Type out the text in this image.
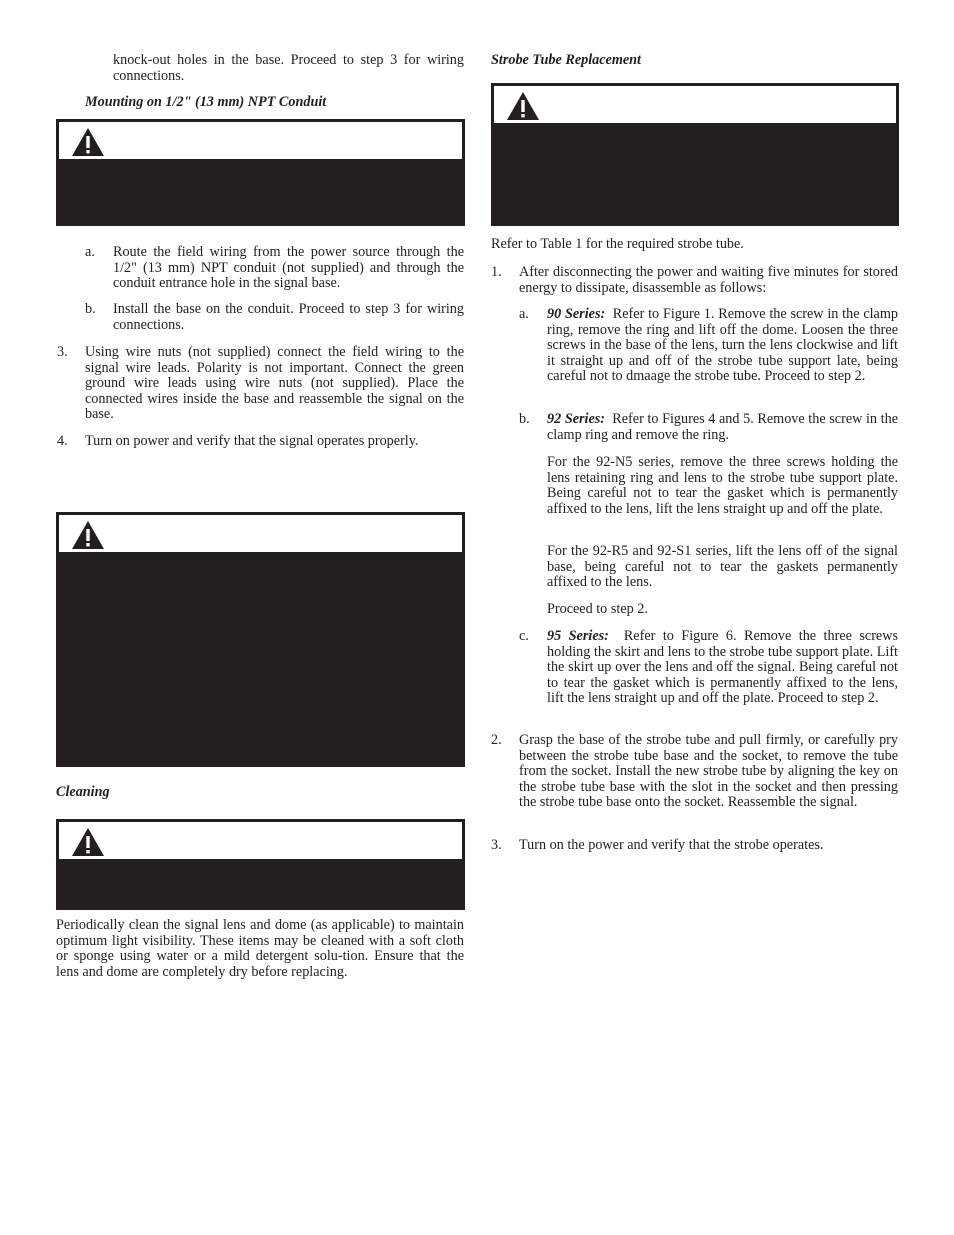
knock-out holes in the base. Proceed to step 3 for wiring connections.
Mounting on 1/2" (13 mm) NPT Conduit
a. Route the field wiring from the power source through the 1/2" (13 mm) NPT conduit (not supplied) and through the conduit entrance hole in the signal base.
b. Install the base on the conduit. Proceed to step 3 for wiring connections.
3. Using wire nuts (not supplied) connect the field wiring to the signal wire leads. Polarity is not important. Connect the green ground wire leads using wire nuts (not supplied). Place the connected wires inside the base and reassemble the signal on the base.
4. Turn on power and verify that the signal operates properly.
Cleaning
Periodically clean the signal lens and dome (as applicable) to maintain optimum light visibility. These items may be cleaned with a soft cloth or sponge using water or a mild detergent solu-tion. Ensure that the lens and dome are completely dry before replacing.
Strobe Tube Replacement
Refer to Table 1 for the required strobe tube.
1. After disconnecting the power and waiting five minutes for stored energy to dissipate, disassemble as follows:
a. 90 Series: Refer to Figure 1. Remove the screw in the clamp ring, remove the ring and lift off the dome. Loosen the three screws in the base of the lens, turn the lens clockwise and lift it straight up and off of the strobe tube support late, being careful not to dmaage the strobe tube. Proceed to step 2.
b. 92 Series: Refer to Figures 4 and 5. Remove the screw in the clamp ring and remove the ring.
For the 92-N5 series, remove the three screws holding the lens retaining ring and lens to the strobe tube support plate. Being careful not to tear the gasket which is permanently affixed to the lens, lift the lens straight up and off the plate.
For the 92-R5 and 92-S1 series, lift the lens off of the signal base, being careful not to tear the gaskets permanently affixed to the lens.
Proceed to step 2.
c. 95 Series: Refer to Figure 6. Remove the three screws holding the skirt and lens to the strobe tube support plate. Lift the skirt up over the lens and off the signal. Being careful not to tear the gasket which is permanently affixed to the lens, lift the lens straight up and off the plate. Proceed to step 2.
2. Grasp the base of the strobe tube and pull firmly, or carefully pry between the strobe tube base and the socket, to remove the tube from the socket. Install the new strobe tube by aligning the key on the strobe tube base with the slot in the socket and then pressing the strobe tube base onto the socket. Reassemble the signal.
3. Turn on the power and verify that the strobe operates.
